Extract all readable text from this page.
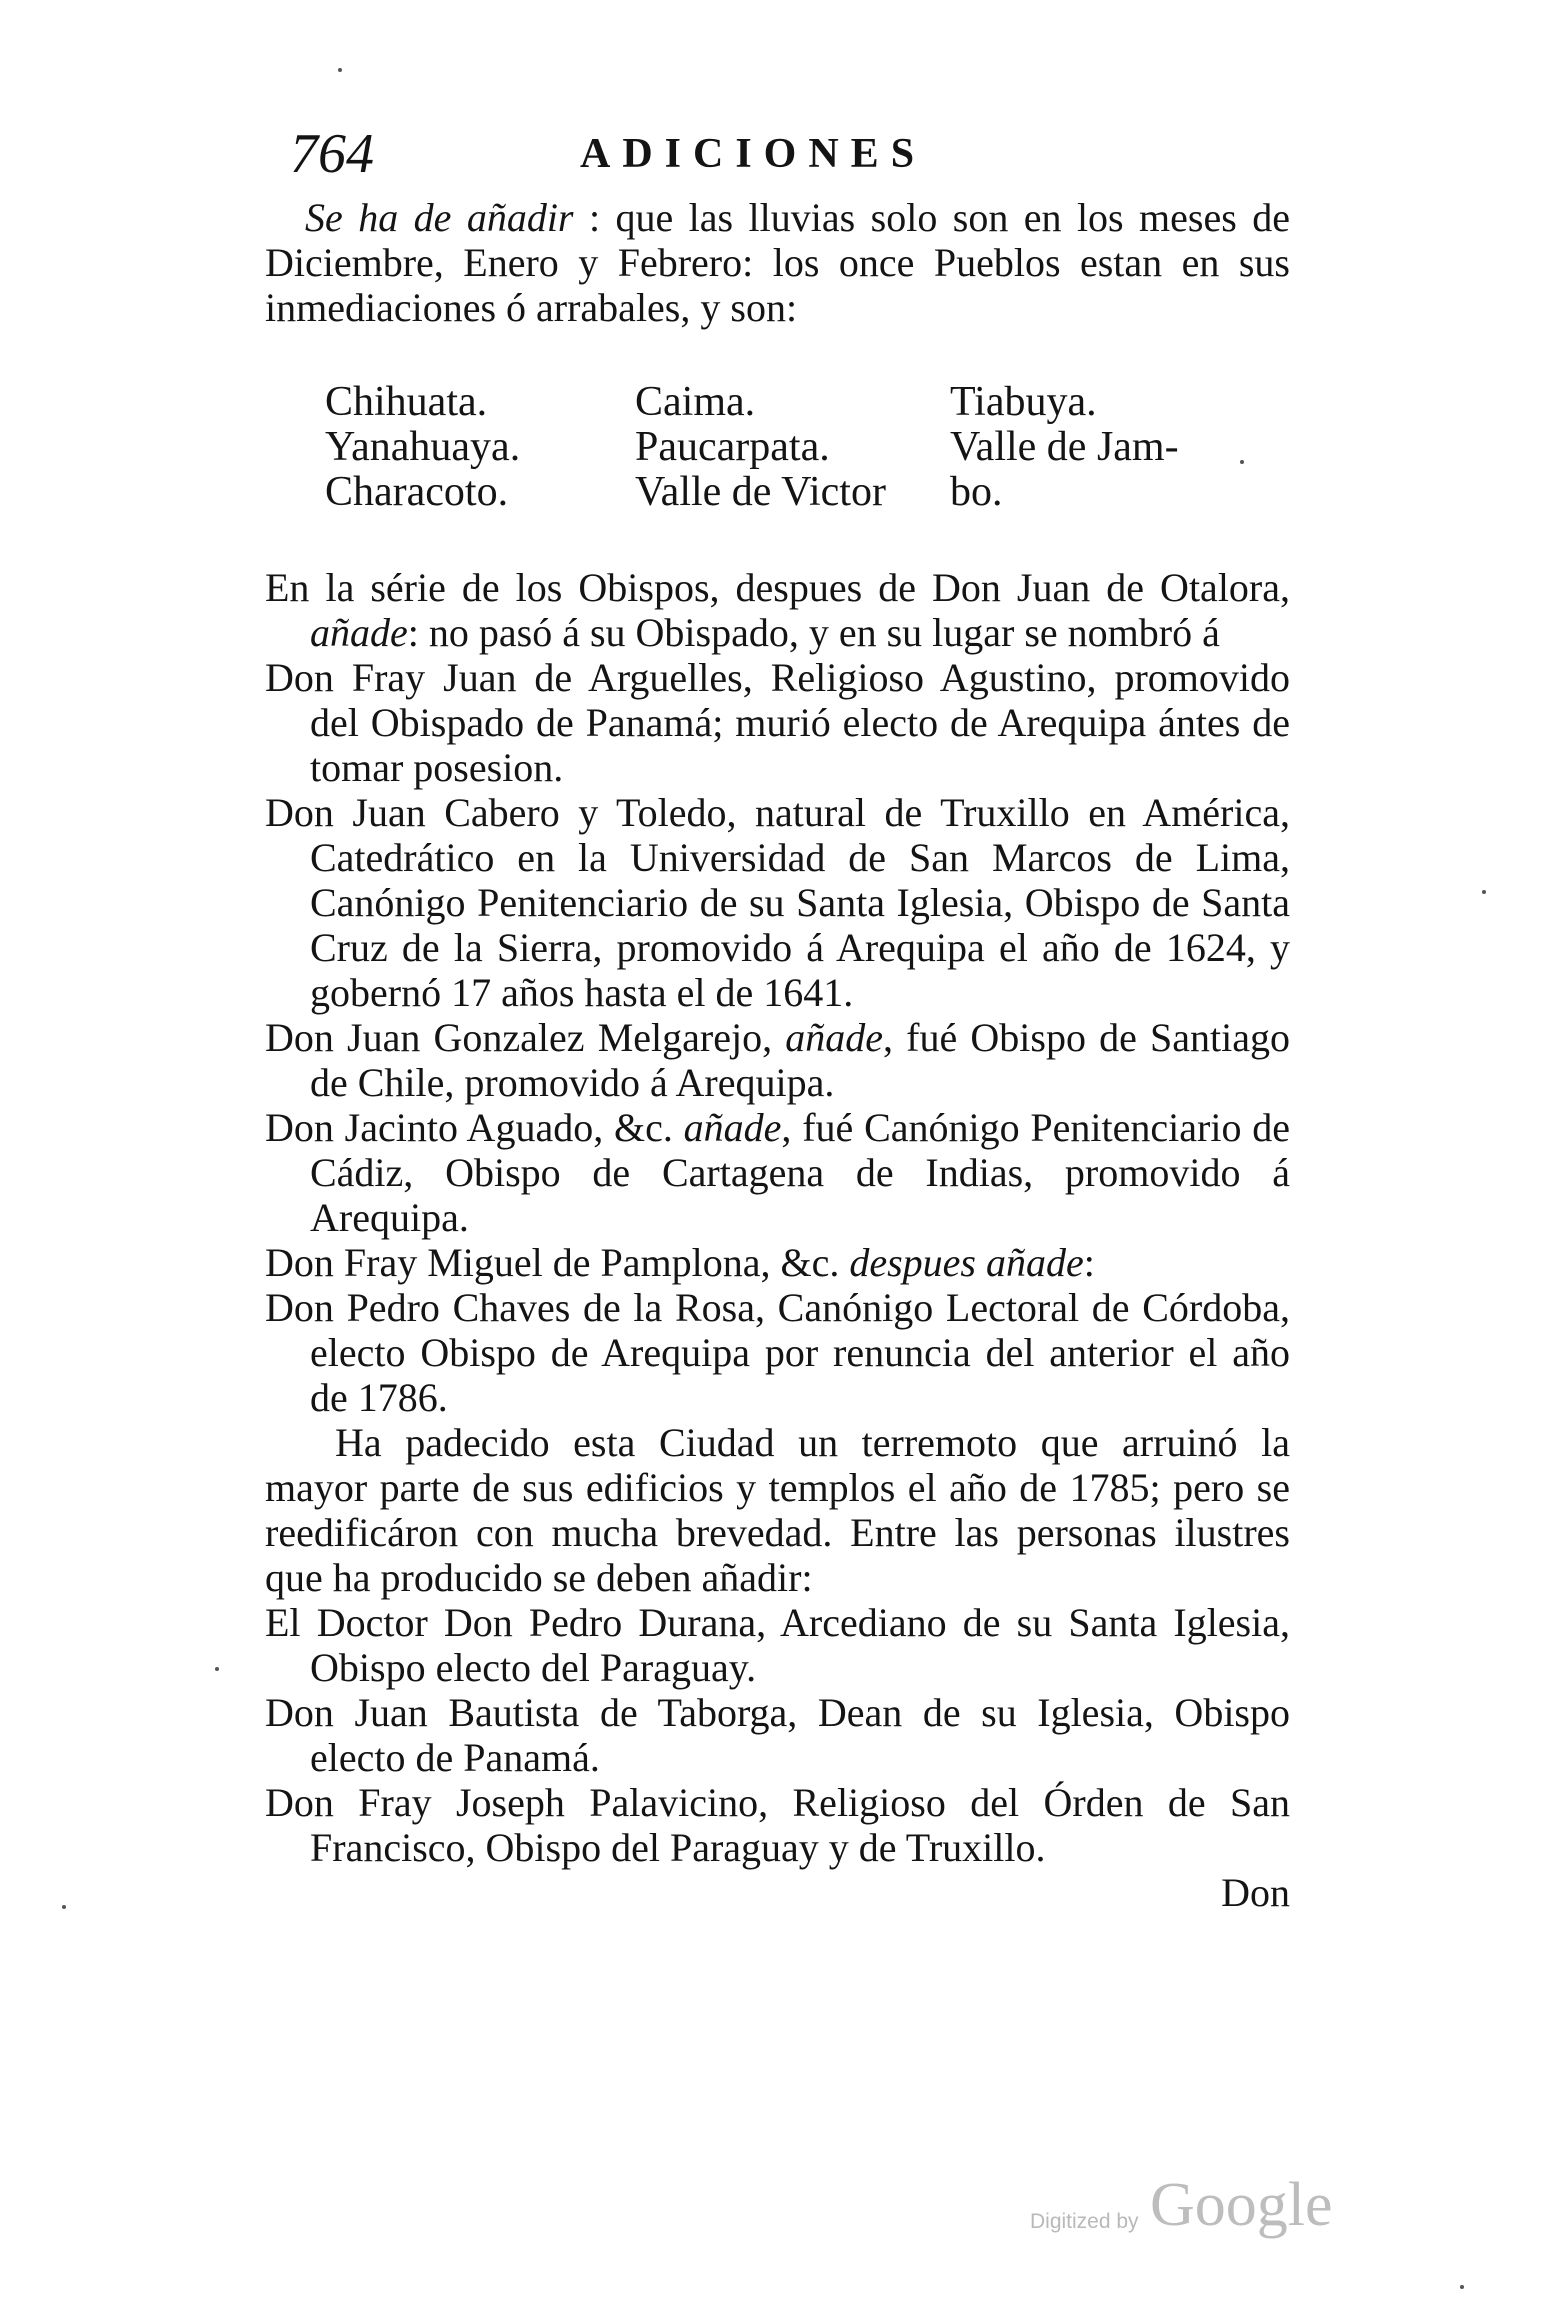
764	ADICIONES

Se ha de añadir : que las lluvias solo son en los meses de Diciembre, Enero y Febrero: los once Pueblos estan en sus inmediaciones ó arrabales, y son:

Chihuata.	Caima.	Tiabuya.
Yanahuaya.	Paucarpata.	Valle de Jam-
Characoto.	Valle de Victor	bo.

En la série de los Obispos, despues de Don Juan de Otalora, añade: no pasó á su Obispado, y en su lugar se nombró á

Don Fray Juan de Arguelles, Religioso Agustino, promovido del Obispado de Panamá; murió electo de Arequipa ántes de tomar posesion.

Don Juan Cabero y Toledo, natural de Truxillo en América, Catedrático en la Universidad de San Marcos de Lima, Canónigo Penitenciario de su Santa Iglesia, Obispo de Santa Cruz de la Sierra, promovido á Arequipa el año de 1624, y gobernó 17 años hasta el de 1641.

Don Juan Gonzalez Melgarejo, añade, fué Obispo de Santiago de Chile, promovido á Arequipa.

Don Jacinto Aguado, &c. añade, fué Canónigo Penitenciario de Cádiz, Obispo de Cartagena de Indias, promovido á Arequipa.

Don Fray Miguel de Pamplona, &c. despues añade:

Don Pedro Chaves de la Rosa, Canónigo Lectoral de Córdoba, electo Obispo de Arequipa por renuncia del anterior el año de 1786.

Ha padecido esta Ciudad un terremoto que arruinó la mayor parte de sus edificios y templos el año de 1785; pero se reedificáron con mucha brevedad. Entre las personas ilustres que ha producido se deben añadir:

El Doctor Don Pedro Durana, Arcediano de su Santa Iglesia, Obispo electo del Paraguay.

Don Juan Bautista de Taborga, Dean de su Iglesia, Obispo electo de Panamá.

Don Fray Joseph Palavicino, Religioso del Órden de San Francisco, Obispo del Paraguay y de Truxillo.

Don

Digitized by Google
